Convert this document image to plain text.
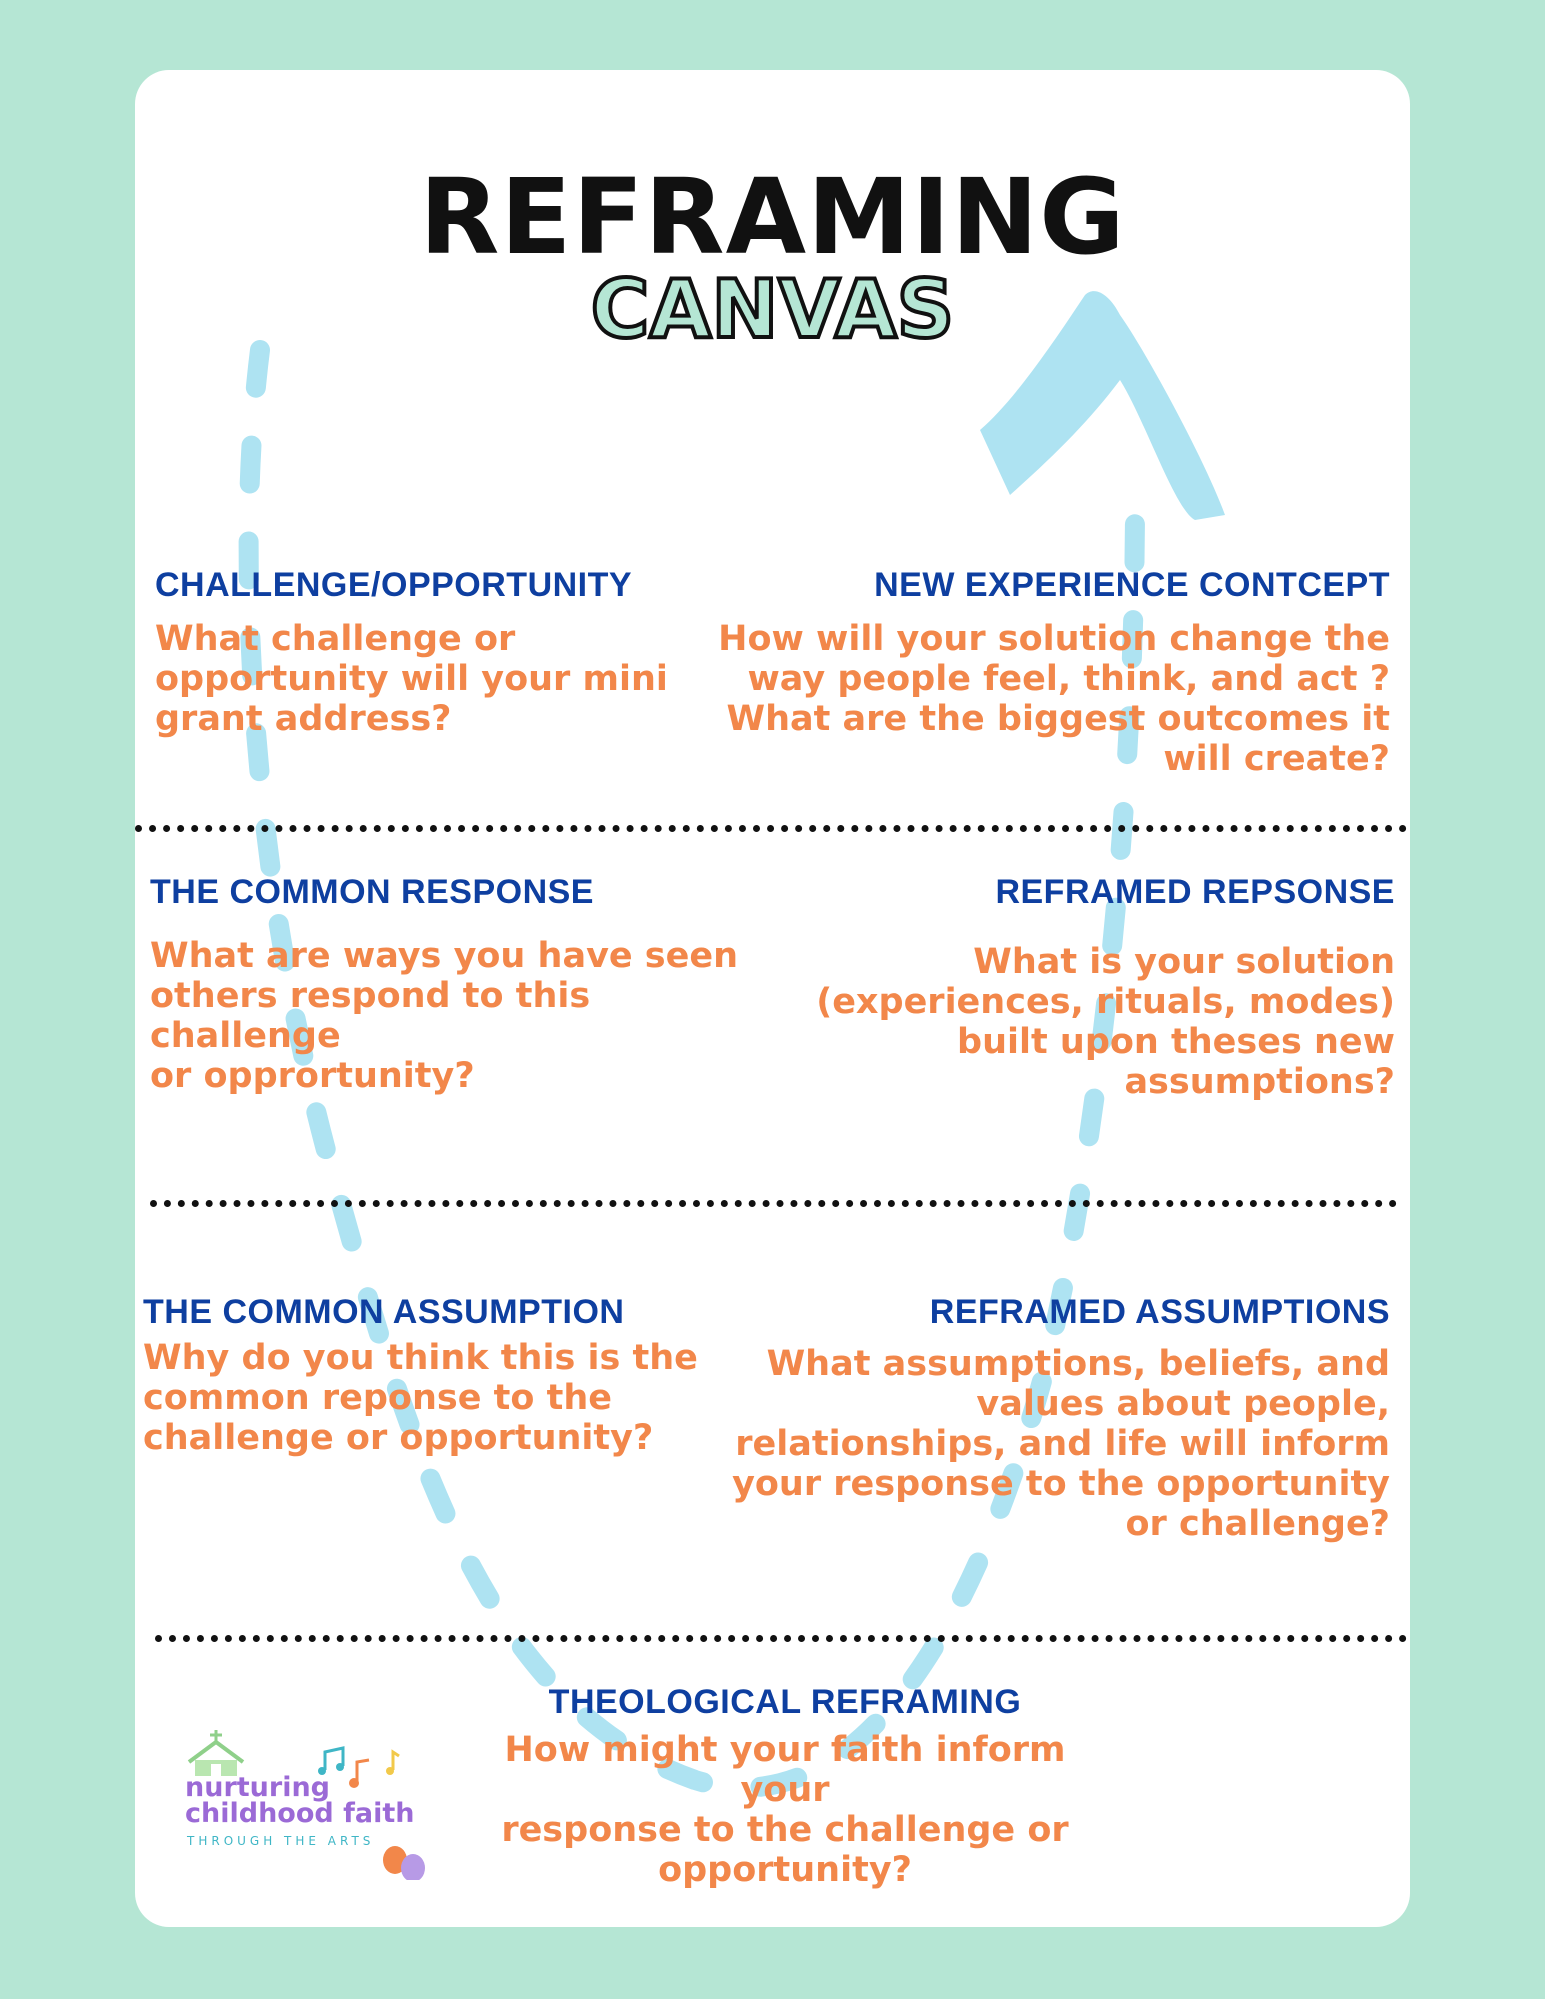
REFRAMING
CANVAS
CHALLENGE/OPPORTUNITY

What challenge or
opportunity will your mini
grant address?

NEW EXPERIENCE CONTCEPT

How will your solution change the
way people feel, think, and act ?
What are the biggest outcomes it
will create?

THE COMMON RESPONSE

What are ways you have seen
others respond to this challenge
or opprortunity?

REFRAMED REPSONSE

What is your solution
(experiences, rituals, modes)
built upon theses new
assumptions?

THE COMMON ASSUMPTION

Why do you think this is the
common reponse to the
challenge or opportunity?

REFRAMED ASSUMPTIONS

What assumptions, beliefs, and
values about people,
relationships, and life will inform
your response to the opportunity
or challenge?

THEOLOGICAL REFRAMING

How might your faith inform your
response to the challenge or
opportunity?

nurturing
childhood faith
THROUGH THE ARTS
